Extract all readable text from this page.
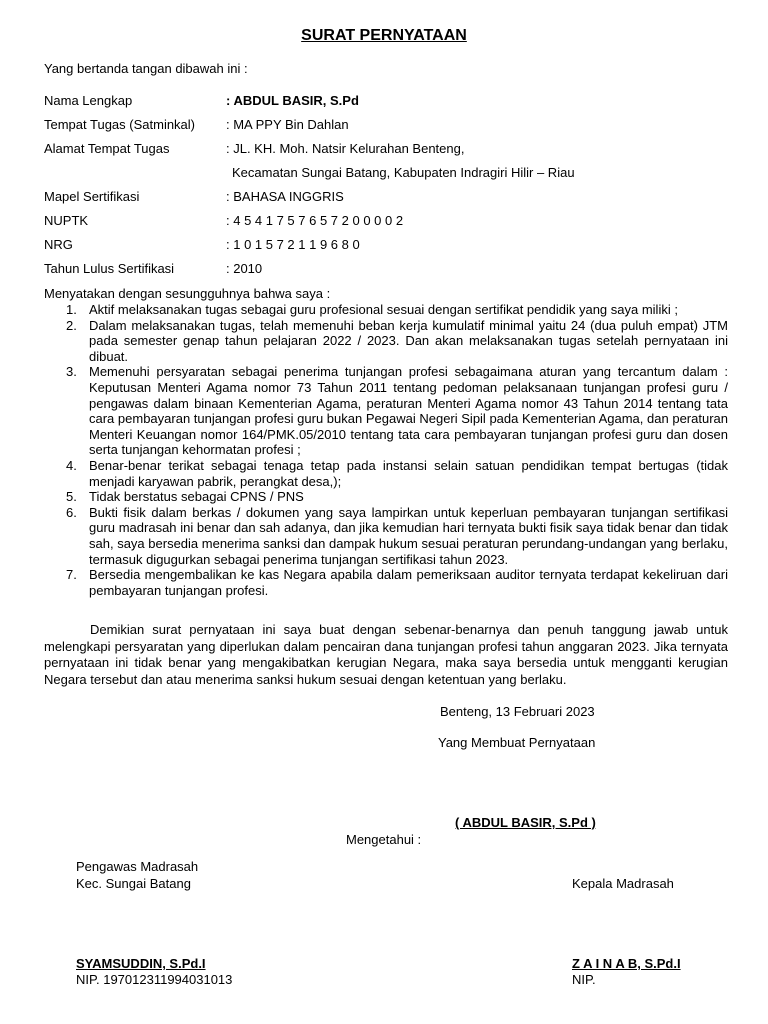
SURAT PERNYATAAN
Yang bertanda tangan dibawah ini :
Nama Lengkap	: ABDUL BASIR, S.Pd
Tempat Tugas (Satminkal) : MA PPY Bin Dahlan
Alamat Tempat Tugas	: JL. KH. Moh. Natsir Kelurahan Benteng,
Kecamatan Sungai Batang, Kabupaten Indragiri Hilir – Riau
Mapel Sertifikasi	: BAHASA INGGRIS
NUPTK	: 4 5 4 1 7 5 7 6 5 7 2 0 0 0 0 2
NRG	: 1 0 1 5 7 2 1 1 9 6 8 0
Tahun Lulus Sertifikasi	: 2010
Menyatakan dengan sesungguhnya bahwa saya :
1. Aktif melaksanakan tugas sebagai guru profesional sesuai dengan sertifikat pendidik yang saya miliki ;
2. Dalam melaksanakan tugas, telah memenuhi beban kerja kumulatif minimal yaitu 24 (dua puluh empat) JTM pada semester genap tahun pelajaran 2022 / 2023. Dan akan melaksanakan tugas setelah pernyataan ini dibuat.
3. Memenuhi persyaratan sebagai penerima tunjangan profesi sebagaimana aturan yang tercantum dalam : Keputusan Menteri Agama nomor 73 Tahun 2011 tentang pedoman pelaksanaan tunjangan profesi guru / pengawas dalam binaan Kementerian Agama, peraturan Menteri Agama nomor 43 Tahun 2014 tentang tata cara pembayaran tunjangan profesi guru bukan Pegawai Negeri Sipil pada Kementerian Agama, dan peraturan Menteri Keuangan nomor 164/PMK.05/2010 tentang tata cara pembayaran tunjangan profesi guru dan dosen serta tunjangan kehormatan profesi ;
4. Benar-benar terikat sebagai tenaga tetap pada instansi selain satuan pendidikan tempat bertugas (tidak menjadi karyawan pabrik, perangkat desa,);
5. Tidak berstatus sebagai CPNS / PNS
6. Bukti fisik dalam berkas / dokumen yang saya lampirkan untuk keperluan pembayaran tunjangan sertifikasi guru madrasah ini benar dan sah adanya, dan jika kemudian hari ternyata bukti fisik saya tidak benar dan tidak sah, saya bersedia menerima sanksi dan dampak hukum sesuai peraturan perundang-undangan yang berlaku, termasuk digugurkan sebagai penerima tunjangan sertifikasi tahun 2023.
7. Bersedia mengembalikan ke kas Negara apabila dalam pemeriksaan auditor ternyata terdapat kekeliruan dari pembayaran tunjangan profesi.

Demikian surat pernyataan ini saya buat dengan sebenar-benarnya dan penuh tanggung jawab untuk melengkapi persyaratan yang diperlukan dalam pencairan dana tunjangan profesi tahun anggaran 2023. Jika ternyata pernyataan ini tidak benar yang mengakibatkan kerugian Negara, maka saya bersedia untuk mengganti kerugian Negara tersebut dan atau menerima sanksi hukum sesuai dengan ketentuan yang berlaku.

Benteng, 13 Februari 2023
Yang Membuat Pernyataan
( ABDUL BASIR, S.Pd )
Mengetahui :
Pengawas Madrasah
Kec. Sungai Batang	Kepala Madrasah
SYAMSUDDIN, S.Pd.I
NIP. 197012311994031013
Z A I N A B, S.Pd.I
NIP.
